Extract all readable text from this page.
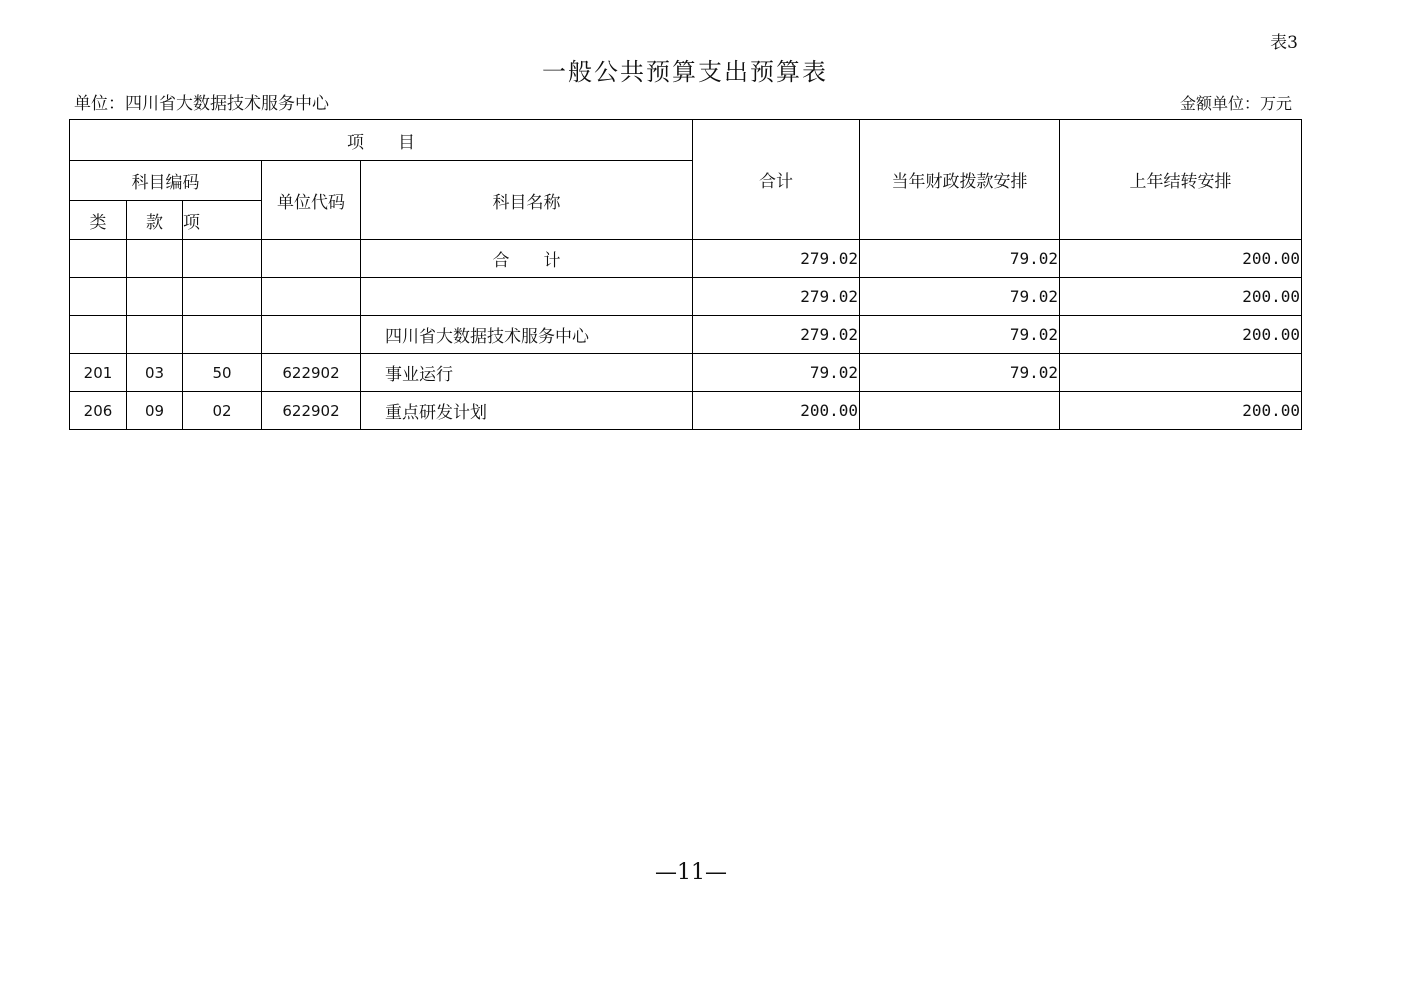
表3
一般公共预算支出预算表
单位：四川省大数据技术服务中心	金额单位：万元
项　　目					合计	当年财政拨款安排	上年结转安排
科目编码			单位代码	科目名称			
类	款	项					
				合　　计	279.02	79.02	200.00
					279.02	79.02	200.00
				四川省大数据技术服务中心	279.02	79.02	200.00
201	03	50	622902	事业运行	79.02	79.02	
206	09	02	622902	重点研发计划	200.00		200.00
—11—
